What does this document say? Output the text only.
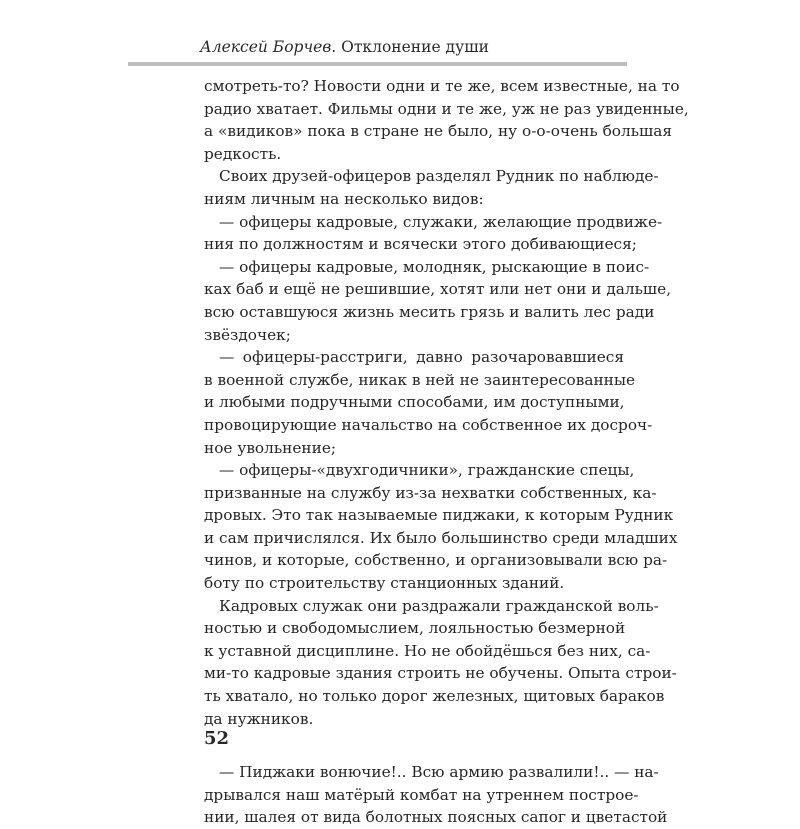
Алексей Борчев. Отклонение души
смотреть-то? Новости одни и те же, всем известные, на то
радио хватает. Фильмы одни и те же, уж не раз увиденные,
а «видиков» пока в стране не было, ну о-о-очень большая
редкость.
Своих друзей-офицеров разделял Рудник по наблюде-
ниям личным на несколько видов:
— офицеры кадровые, служаки, желающие продвиже-
ния по должностям и всячески этого добивающиеся;
— офицеры кадровые, молодняк, рыскающие в поис-
ках баб и ещё не решившие, хотят или нет они и дальше,
всю оставшуюся жизнь месить грязь и валить лес ради
звёздочек;
— офицеры-расстриги, давно разочаровавшиеся
в военной службе, никак в ней не заинтересованные
и любыми подручными способами, им доступными,
провоцирующие начальство на собственное их досроч-
ное увольнение;
— офицеры-«двухгодичники», гражданские спецы,
призванные на службу из-за нехватки собственных, ка-
дровых. Это так называемые пиджаки, к которым Рудник
и сам причислялся. Их было большинство среди младших
чинов, и которые, собственно, и организовывали всю ра-
боту по строительству станционных зданий.
Кадровых служак они раздражали гражданской воль-
ностью и свободомыслием, лояльностью безмерной
к уставной дисциплине. Но не обойдёшься без них, са-
ми-то кадровые здания строить не обучены. Опыта строи-
ть хватало, но только дорог железных, щитовых бараков
да нужников.
— Пиджаки вонючие!.. Всю армию развалили!.. — на-
дрывался наш матёрый комбат на утреннем построе-
нии, шалея от вида болотных поясных сапог и цветастой
52
